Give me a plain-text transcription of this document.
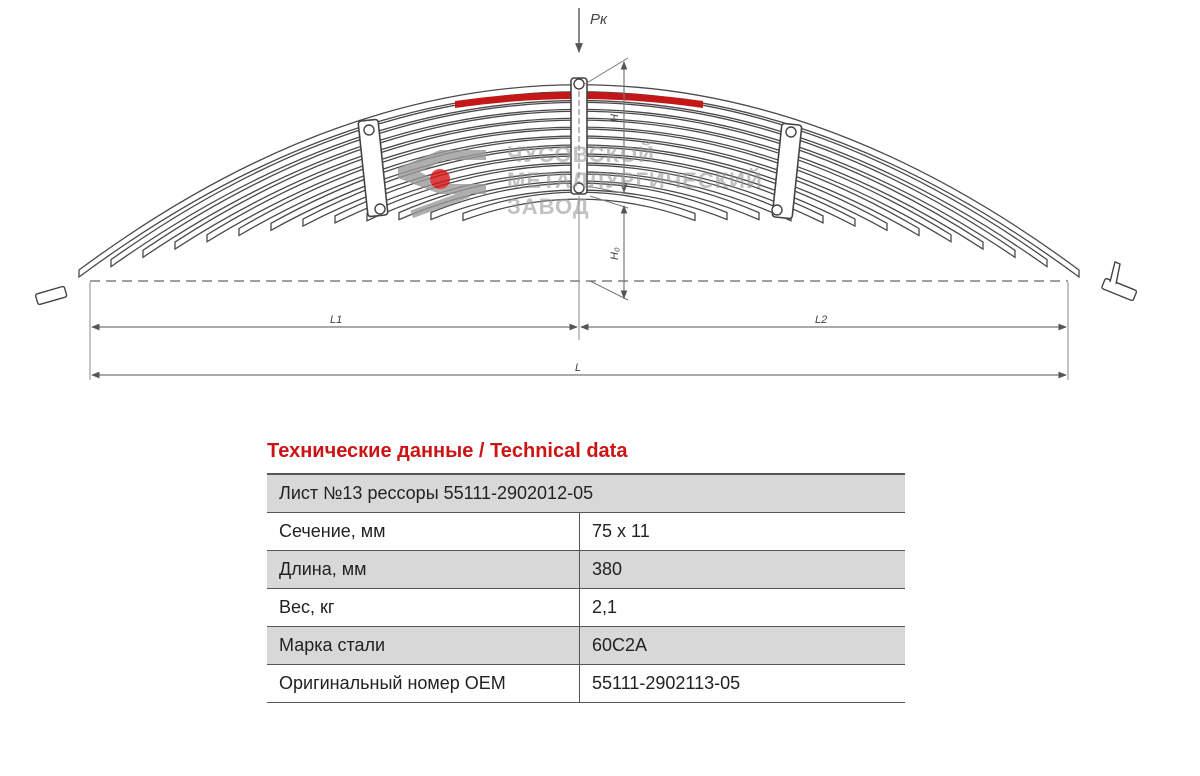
Pк
H
H₀
L1	L2
L
ЧУСОВСКОЙ
МЕТАЛЛУРГИЧЕСКИЙ
ЗАВОД
Технические данные / Technical data
Лист №13 рессоры 55111-2902012-05	
Сечение, мм	75 x 11
Длина, мм	380
Вес, кг	2,1
Марка стали	60С2А
Оригинальный номер OEM	55111-2902113-05
